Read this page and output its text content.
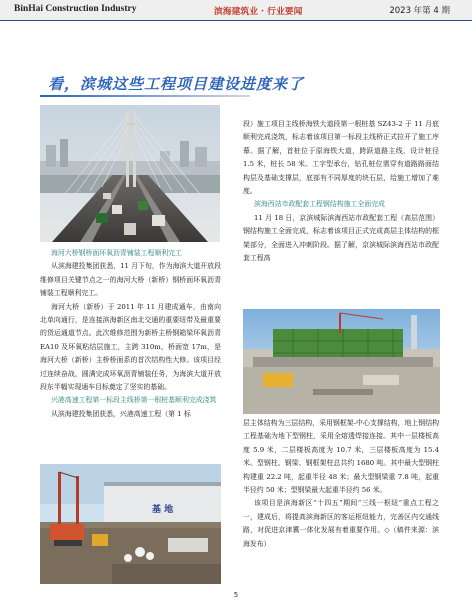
BinHai Construction Industry	滨海建筑业 · 行业要闻	2023 年第 4 期
看，滨城这些工程项目建设进度来了

海河大桥钢桥面环氧沥青铺装工程顺利完工

从滨海建投集团获悉，11 月下旬，作为海滨大道开放段维修项目关键节点之一的海河大桥（新桥）钢桥面环氧沥青铺装工程顺利完工。

海河大桥（新桥）于 2011 年 11 月建成通车，由南向北单向通行，是连接滨海新区南北交通的重要纽带及最重要的货运通道节点。此次维修范围为新桥主桥钢箱梁环氧沥青 EA10 及环氧粘结层施工，主跨 310m，桥面宽 17m，是海河大桥（新桥）主桥桥面系的首次结构性大修。该项目经过连续奋战，圆满完成环氧沥青铺装任务，为海滨大道开放段东半幅实现通车目标奠定了坚实的基础。

兴港高速工程第一标段主线桥第一根桩基顺利完成浇筑

从滨海建投集团获悉，兴港高速工程（第 1 标

基 地

段）施工项目主线桥海铁大道段第一根桩基 SZ43-2 于 11 月底顺利完成浇筑，标志着该项目第一标段主线桥正式拉开了施工序幕。据了解，首桩位于原海铁大道，跨跃道路主线，设计桩径 1.5 米，桩长 58 米。工字型承台，钻孔桩位需穿有道路路面结构层及基础支撑层，底部有不同厚度的块石层，给施工增加了难度。

滨海西站市政配套工程钢结构施工全面完成

11 月 18 日，京滨城际滨海西站市政配套工程（高层范围）钢结构施工全面完成，标志着该项目正式完成高层主体结构的框架部分，全面进入冲刺阶段。据了解，京滨城际滨海西站市政配套工程高

层主体结构为三层结构，采用钢框架-中心支撑结构，地上钢结构工程基础为地下型钢柱，采用全熔透焊接连接。其中一层楼板高度 5.9 米，二层楼板高度为 10.7 米，三层楼板高度为 15.4 米。型钢柱、钢梁、钢框架柱总共约 1680 吨。其中最大型钢柱构建重 22.2 吨，起重半径 48 米；最大型钢梁重 7.8 吨，起重半径约 50 米；型钢梁最大起重半径约 56 米。

该项目是滨海新区“十四五”期间“三线一枢纽”重点工程之一，建成后，将提高滨海新区的客运枢纽能力，完善区内交通线路，对促进京津冀一体化发展有着重要作用。◇（稿件来源：滨海发布）

5
